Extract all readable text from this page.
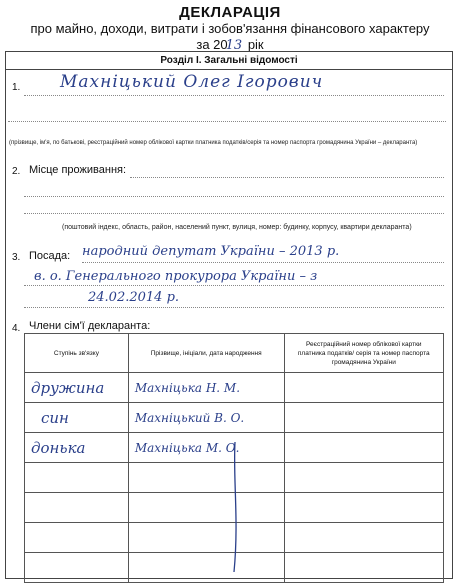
ДЕКЛАРАЦІЯ
про майно, доходи, витрати і зобов'язання фінансового характеру
за 2013 рік
Розділ І. Загальні відомості
1. Махніцький Олег Ігорович
(прізвище, ім'я, по батькові, реєстраційний номер облікової картки платника податків/серія та номер паспорта громадянина України – декларанта)
2. Місце проживання:
(поштовий індекс, область, район, населений пункт, вулиця, номер: будинку, корпусу, квартири декларанта)
3. Посада: народний депутат України – 2013 р.
в. о. Генерального прокурора України – з
24.02.2014 р.
4. Члени сім'ї декларанта:
Ступінь зв'язку	Прізвище, ініціали, дата народження	Реєстраційний номер облікової картки платника податків/ серія та номер паспорта громадянина України
дружина	Махніцька Н. М.	
син	Махніцький В. О.	
донька	Махніцька М. О.	
